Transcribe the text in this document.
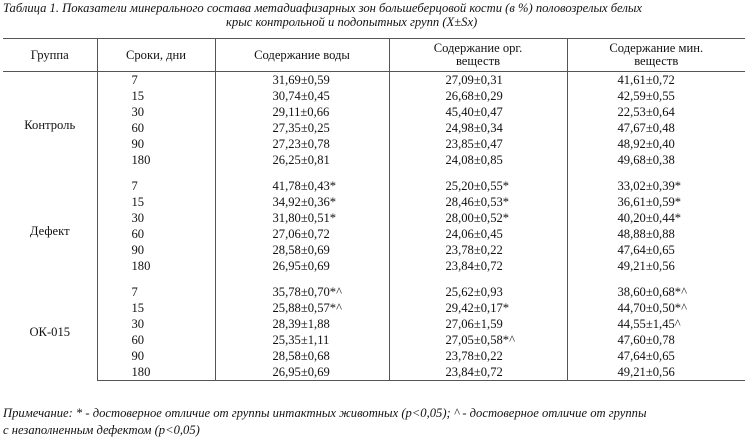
Таблица 1. Показатели минерального состава метадиафизарных зон большеберцовой кости (в %) половозрелых белых
крыс контрольной и подопытных групп (X±Sx)
Группа	Сроки, дни	Содержание воды	Содержание орг.
веществ	Содержание мин.
веществ
Контроль	7	31,69±0,59	27,09±0,31	41,61±0,72
	15	30,74±0,45	26,68±0,29	42,59±0,55
	30	29,11±0,66	45,40±0,47	22,53±0,64
	60	27,35±0,25	24,98±0,34	47,67±0,48
	90	27,23±0,78	23,85±0,47	48,92±0,40
	180	26,25±0,81	24,08±0,85	49,68±0,38

Дефект	7	41,78±0,43*	25,20±0,55*	33,02±0,39*
	15	34,92±0,36*	28,46±0,53*	36,61±0,59*
	30	31,80±0,51*	28,00±0,52*	40,20±0,44*
	60	27,06±0,72	24,06±0,45	48,88±0,88
	90	28,58±0,69	23,78±0,22	47,64±0,65
	180	26,95±0,69	23,84±0,72	49,21±0,56

ОК-015	7	35,78±0,70*^	25,62±0,93	38,60±0,68*^
	15	25,88±0,57*^	29,42±0,17*	44,70±0,50*^
	30	28,39±1,88	27,06±1,59	44,55±1,45^
	60	25,35±1,11	27,05±0,58*^	47,60±0,78
	90	28,58±0,68	23,78±0,22	47,64±0,65
	180	26,95±0,69	23,84±0,72	49,21±0,56
Примечание: * - достоверное отличие от группы интактных животных (p<0,05); ^ - достоверное отличие от группы
с незаполненным дефектом (p<0,05)
